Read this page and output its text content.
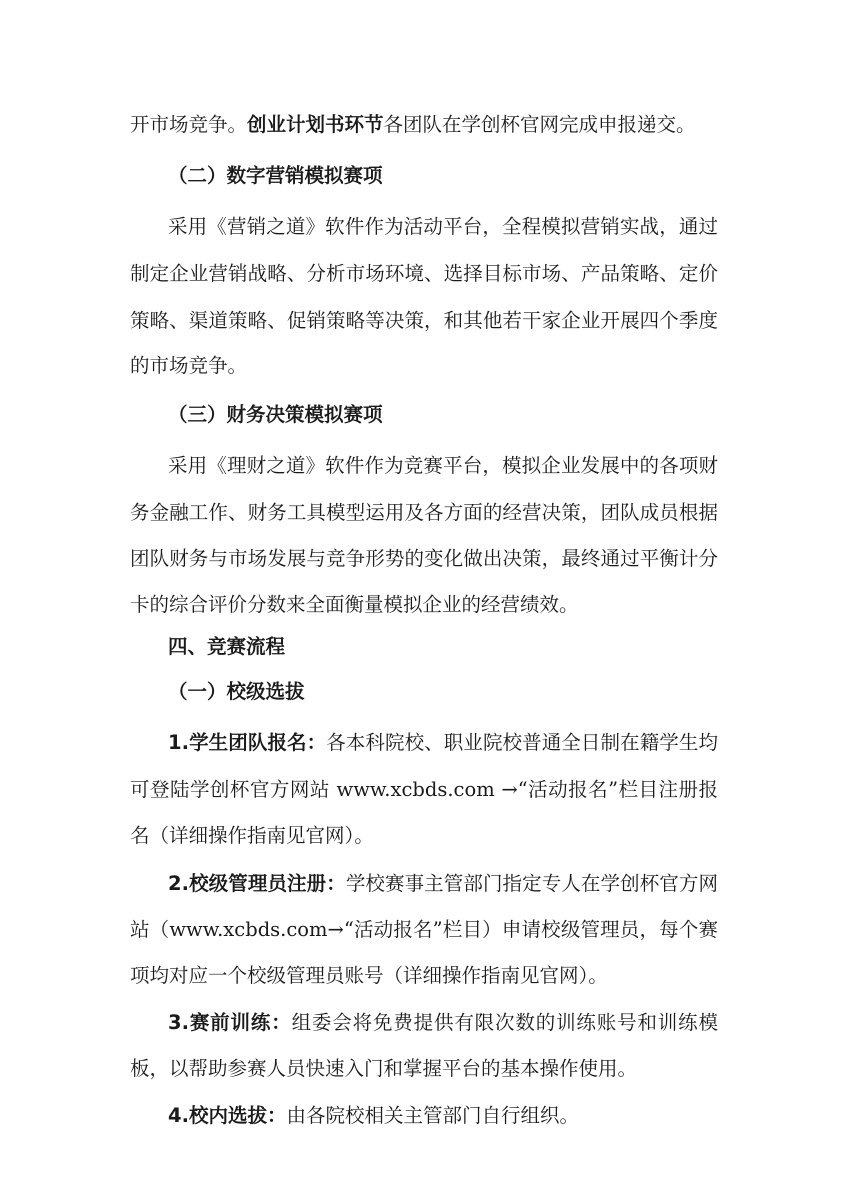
开市场竞争。创业计划书环节各团队在学创杯官网完成申报递交。
（二）数字营销模拟赛项
采用《营销之道》软件作为活动平台，全程模拟营销实战，通过
制定企业营销战略、分析市场环境、选择目标市场、产品策略、定价
策略、渠道策略、促销策略等决策，和其他若干家企业开展四个季度
的市场竞争。
（三）财务决策模拟赛项
采用《理财之道》软件作为竞赛平台，模拟企业发展中的各项财
务金融工作、财务工具模型运用及各方面的经营决策，团队成员根据
团队财务与市场发展与竞争形势的变化做出决策，最终通过平衡计分
卡的综合评价分数来全面衡量模拟企业的经营绩效。
四、竞赛流程
（一）校级选拔
1.学生团队报名：各本科院校、职业院校普通全日制在籍学生均
可登陆学创杯官方网站 www.xcbds.com →“活动报名”栏目注册报
名（详细操作指南见官网）。
2.校级管理员注册：学校赛事主管部门指定专人在学创杯官方网
站（www.xcbds.com→“活动报名”栏目）申请校级管理员，每个赛
项均对应一个校级管理员账号（详细操作指南见官网）。
3.赛前训练：组委会将免费提供有限次数的训练账号和训练模
板，以帮助参赛人员快速入门和掌握平台的基本操作使用。
4.校内选拔：由各院校相关主管部门自行组织。
